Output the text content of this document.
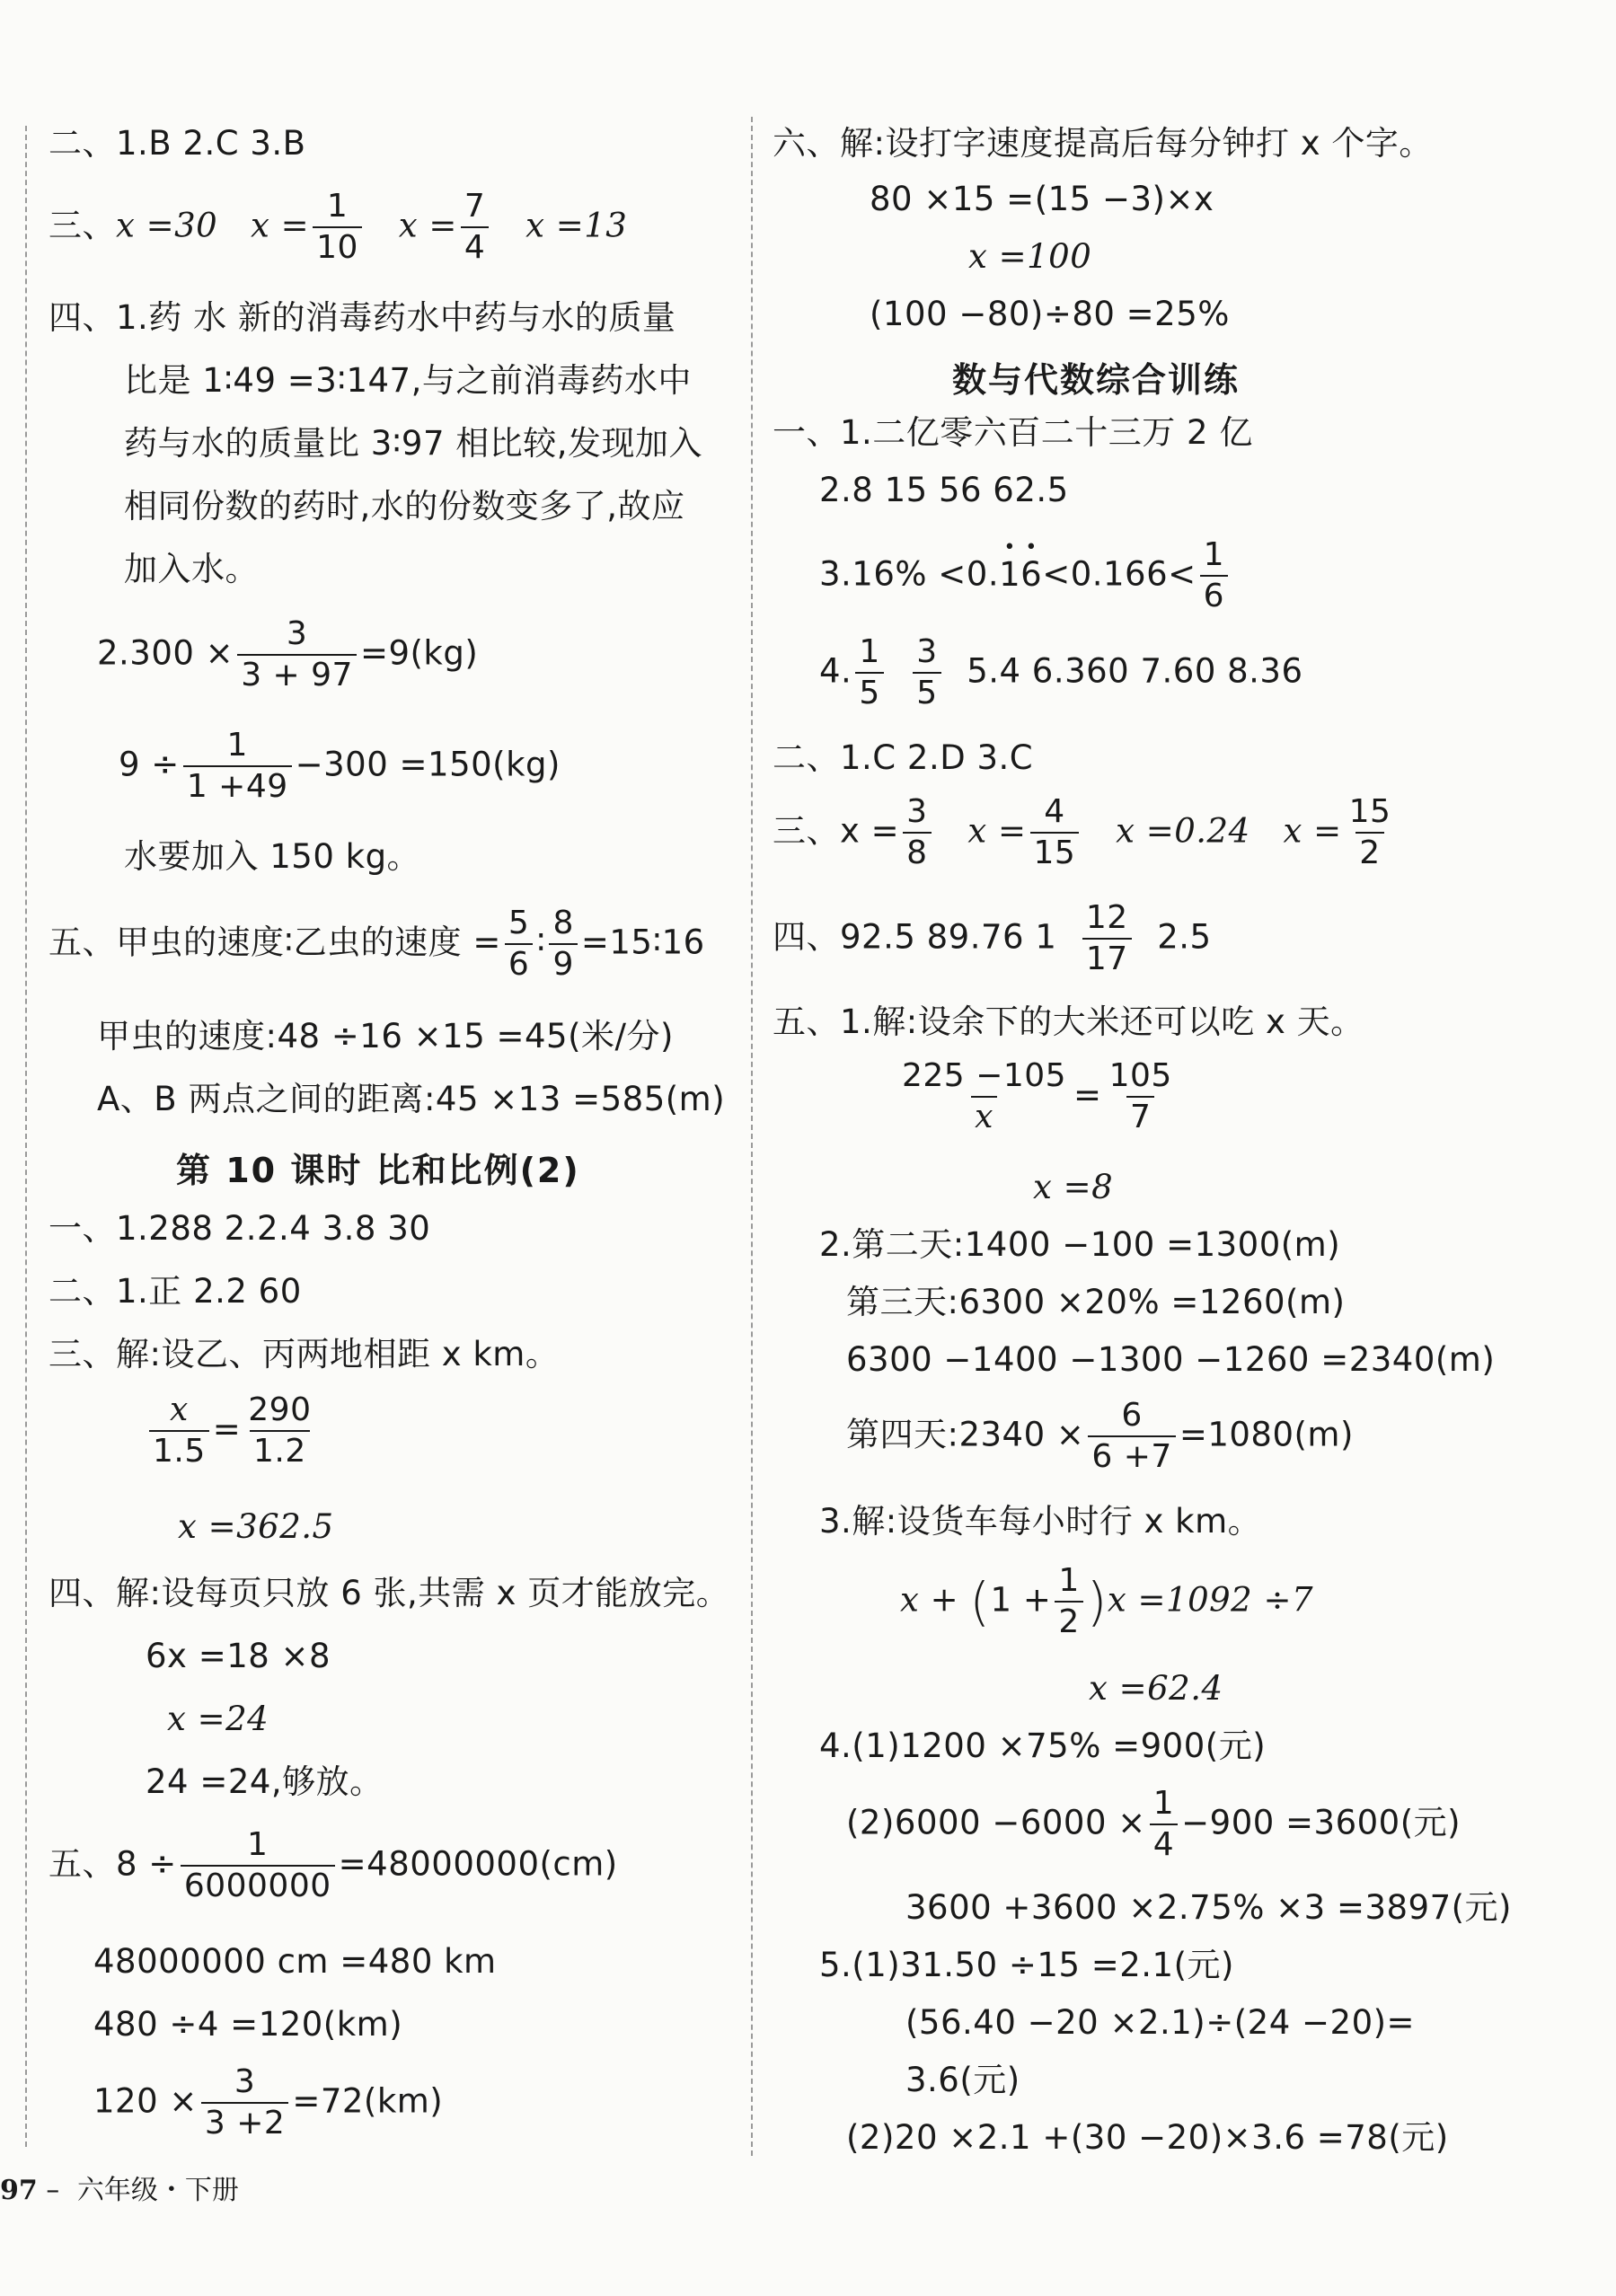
二、1.B 2.C 3.B
三、x =30 $x = \frac{1}{10}$ $x = \frac{7}{4}$ x =13
四、1.药 水 新的消毒药水中药与水的质量
比是 1∶49 =3∶147,与之前消毒药水中
药与水的质量比 3∶97 相比较,发现加入
相同份数的药时,水的份数变多了,故应
加入水。
$2.300 \times \frac{3}{3 + 97} =9(kg)$
$9 \div \frac{1}{1 +49} -300 =150(kg)$
水要加入 150 kg。
五、甲虫的速度∶乙虫的速度 = $\frac{5}{6}$ ∶ $\frac{8}{9}$ =15∶16
甲虫的速度:48 ÷16 ×15 =45(米/分)
A、B 两点之间的距离:45 ×13 =585(m)
第 10 课时 比和比例(2)
一、1.288 2.2.4 3.8 30
二、1.正 2.2 60
三、解:设乙、丙两地相距 x km。
$\frac{x}{1.5} = \frac{290}{1.2}$
x =362.5
四、解:设每页只放 6 张,共需 x 页才能放完。
6x =18 ×8
x =24
24 =24,够放。
五、$8 \div \frac{1}{6000000} =48000000(cm)$
48000000 cm =480 km
480 ÷4 =120(km)
$120 \times \frac{3}{3 +2} =72(km)$
六、解:设打字速度提高后每分钟打 x 个字。
80 ×15 =(15 −3)×x
x =100
(100 −80)÷80 =25%
数与代数综合训练
一、1.二亿零六百二十三万 2 亿
2.8 15 56 62.5
3.16% <0.• 1• $6<0.166< \frac{1}{6}$
4. $\frac{1}{5}$
$\frac{3}{5} 5.4$ 6.360 7.60 8.36
二、1.C 2.D 3.C
三、$x = \frac{3}{8}$ $x = \frac{4}{15}$ x =0.24 $x = \frac{15}{2}$
四、92.5 89.76 $1 \frac{12}{17} 2.5$
五、1.解:设余下的大米还可以吃 x 天。
$\frac{225 -105}{x} = \frac{105}{7}$
x =8
2.第二天:1400 −100 =1300(m)
第三天:6300 ×20% =1260(m)
6300 −1400 −1300 −1260 =2340(m)
第四天:2340 × $\frac{6}{6 +7} =1080(m)$
3.解:设货车每小时行 x km。
$x + (1 + \frac{1}{2} )x =1092 \div 7$
x =62.4
4.(1)1200 ×75% =900(元)
$(2)6000 -6000 \times \frac{1}{4} -900 =3600$(元)
3600 +3600 ×2.75% ×3 =3897(元)
5.(1)31.50 ÷15 =2.1(元)
(56.40 −20 ×2.1)÷(24 −20)=
3.6(元)
(2)20 ×2.1 +(30 −20)×3.6 =78(元)
97 – 六年级・下册
